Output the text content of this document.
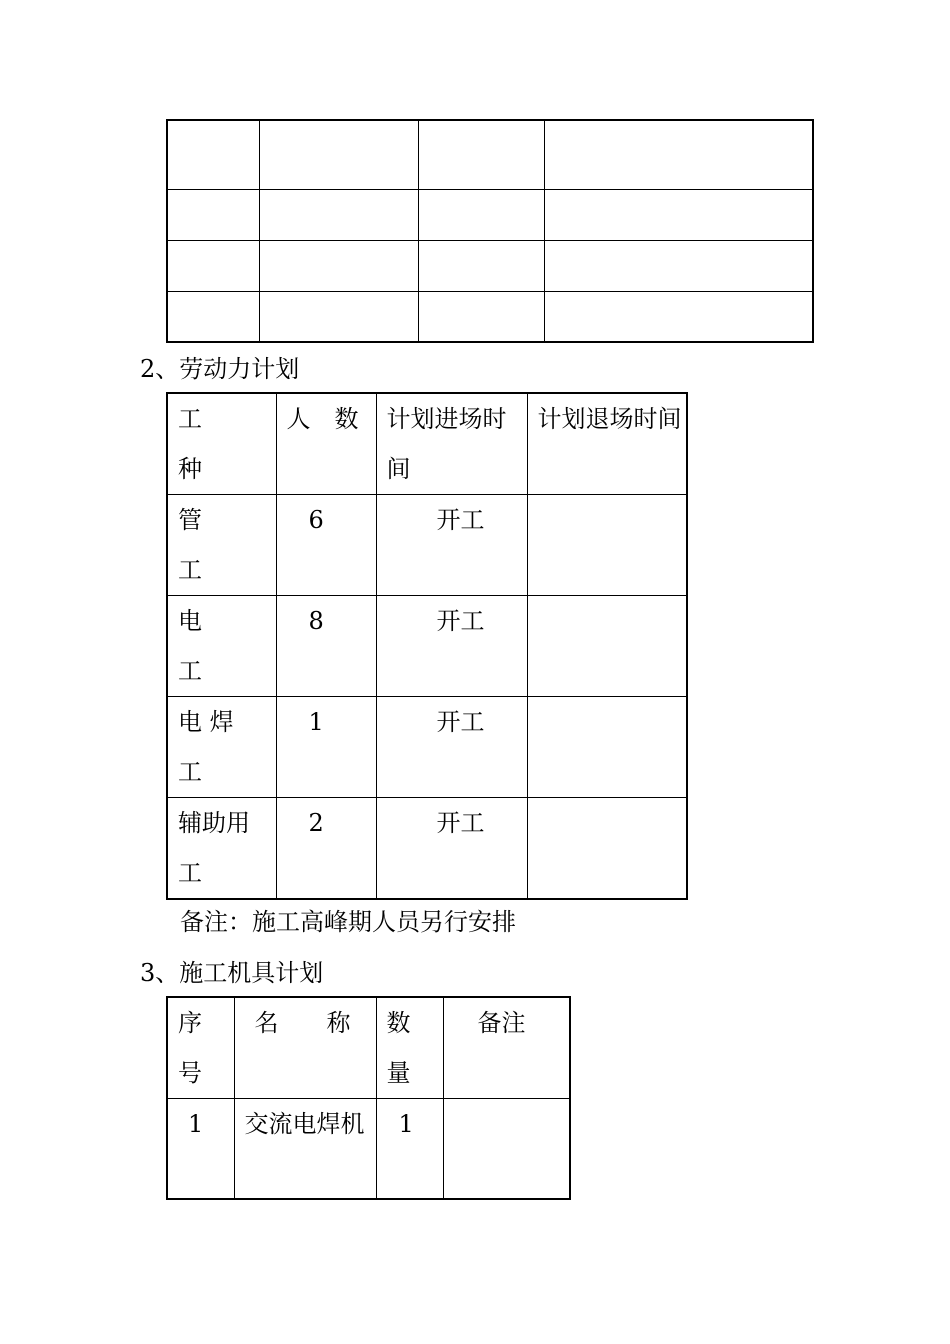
2、劳动力计划
工种	人　数	计划进场时间	计划退场时间
管工	6	开工	
电工	8	开工	
电 焊工	1	开工	
辅助用工	2	开工	
备注：施工高峰期人员另行安排
3、施工机具计划
序号	名　　称	数量	　备注
1	交流电焊机	1	
